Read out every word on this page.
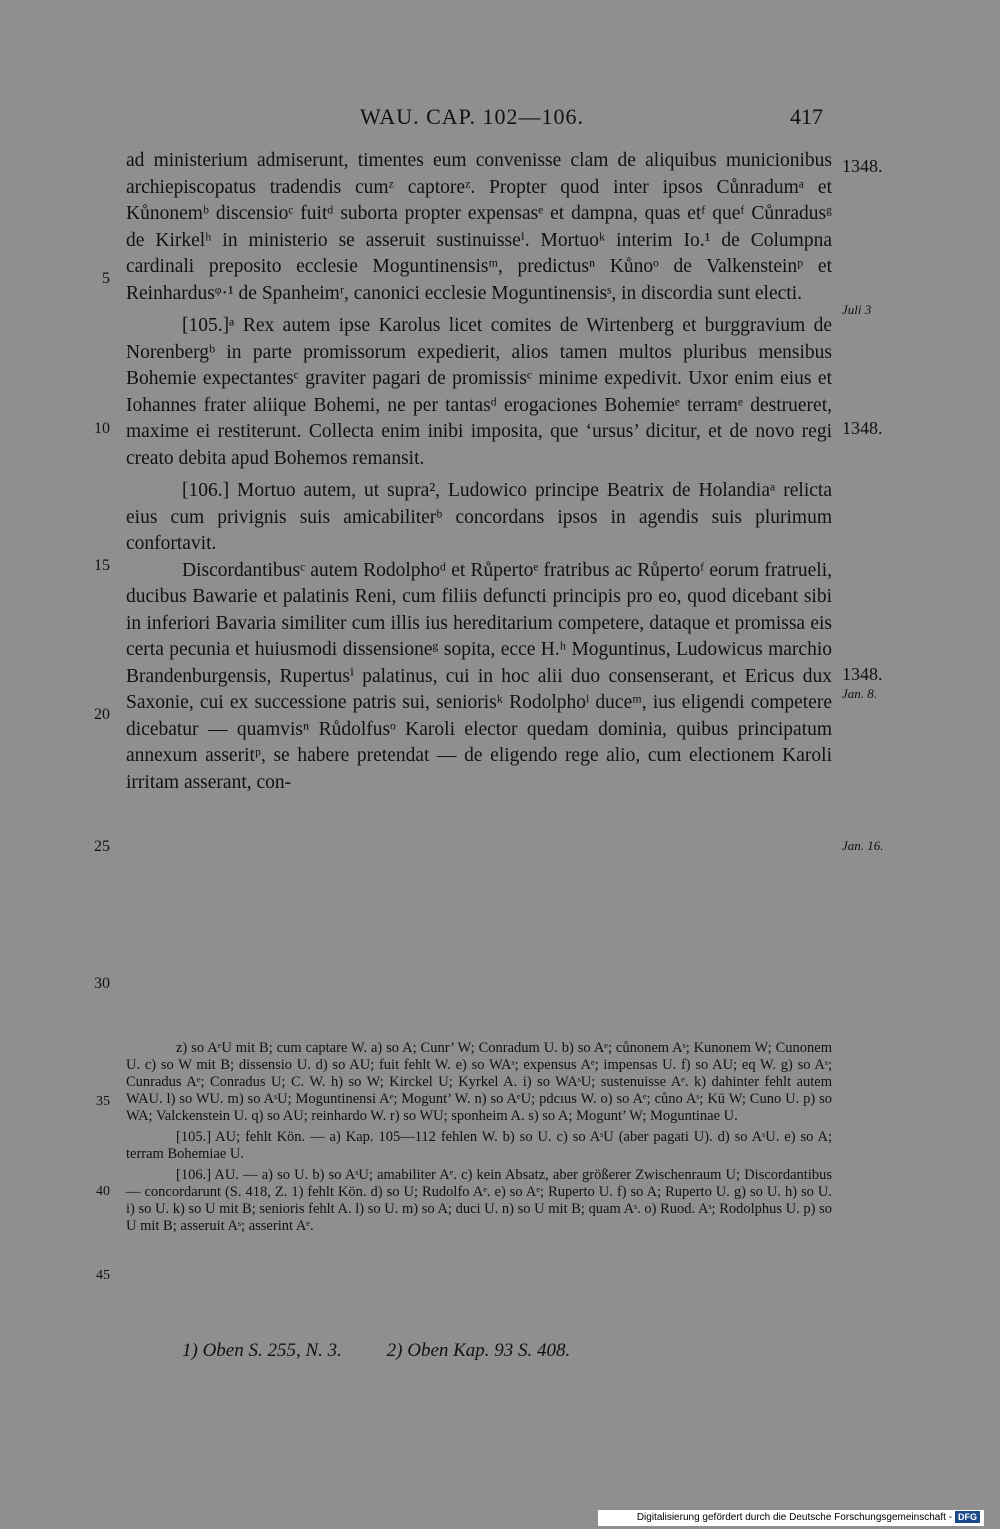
WAU. CAP. 102—106.	417

ad ministerium admiserunt, timentes eum convenisse clam de aliquibus municionibus archiepiscopatus tradendis cumᶻ captoreᶻ. Propter quod inter ipsos Cůnradumᵃ et Kůnonemᵇ discensioᶜ fuitᵈ suborta propter expensasᵉ et dampna, quas etᶠ queᶠ Cůnradusᵍ de Kirkelʰ in ministerio se asseruit sustinuisseⁱ. Mortuoᵏ interim Io.¹ de Columpna cardinali preposito ecclesie Moguntinensisᵐ, predictusⁿ Kůnoᵒ de Valkensteinᵖ et Reinhardusᵠ·¹ de Spanheimʳ, canonici ecclesie Moguntinensisˢ, in discordia sunt electi.

[105.]ᵃ Rex autem ipse Karolus licet comites de Wirtenberg et burggravium de Norenbergᵇ in parte promissorum expedierit, alios tamen multos pluribus mensibus Bohemie expectantesᶜ graviter pagari de promissisᶜ minime expedivit. Uxor enim eius et Iohannes frater aliique Bohemi, ne per tantasᵈ erogaciones Bohemieᵉ terramᵉ destrueret, maxime ei restiterunt. Collecta enim inibi imposita, que ‘ursus’ dicitur, et de novo regi creato debita apud Bohemos remansit.

[106.] Mortuo autem, ut supra², Ludowico principe Beatrix de Holandiaᵃ relicta eius cum privignis suis amicabiliterᵇ concordans ipsos in agendis suis plurimum confortavit.

Discordantibusᶜ autem Rodolphoᵈ et Růpertoᵉ fratribus ac Růpertoᶠ eorum fratrueli, ducibus Bawarie et palatinis Reni, cum filiis defuncti principis pro eo, quod dicebant sibi in inferiori Bavaria similiter cum illis ius hereditarium competere, dataque et promissa eis certa pecunia et huiusmodi dissensioneᵍ sopita, ecce H.ʰ Moguntinus, Ludowicus marchio Brandenburgensis, Rupertusⁱ palatinus, cui in hoc alii duo consenserant, et Ericus dux Saxonie, cui ex successione patris sui, seniorisᵏ Rodolphoˡ duceᵐ, ius eligendi competere dicebatur — quamvisⁿ Růdolfusᵒ Karoli elector quedam dominia, quibus principatum annexum asseritᵖ, se habere pretendat — de eligendo rege alio, cum electionem Karoli irritam asserant, con-

5
10
15
20
25
30
1348.
Juli 3
1348.
1348.
Jan. 8.
Jan. 16.

z) so AᵉU mit B; cum captare W. a) so A; Cunr’ W; Conradum U. b) so Aᵉ; cůnonem Aˢ; Kunonem W; Cunonem U. c) so W mit B; dissensio U. d) so AU; fuit fehlt W. e) so WAˢ; expensus Aᵉ; impensas U. f) so AU; eq W. g) so Aˢ; Cunradus Aᵉ; Conradus U; C. W. h) so W; Kirckel U; Kyrkel A. i) so WAˢU; sustenuisse Aᵉ. k) dahinter fehlt autem WAU. l) so WU. m) so AˢU; Moguntinensi Aᵉ; Mogunt’ W. n) so AᵉU; pdcıus W. o) so Aᵉ; cůno Aˢ; Kū W; Cuno U. p) so WA; Valckenstein U. q) so AU; reinhardo W. r) so WU; sponheim A. s) so A; Mogunt’ W; Moguntinae U.

[105.] AU; fehlt Kön. — a) Kap. 105—112 fehlen W. b) so U. c) so AˢU (aber pagati U). d) so AˢU. e) so A; terram Bohemiae U.

[106.] AU. — a) so U. b) so AˢU; amabiliter Aᵉ. c) kein Absatz, aber größerer Zwischenraum U; Discordantibus — concordarunt (S. 418, Z. 1) fehlt Kön. d) so U; Rudolfo Aᵉ. e) so Aᵉ; Ruperto U. f) so A; Ruperto U. g) so U. h) so U. i) so U. k) so U mit B; senioris fehlt A. l) so U. m) so A; duci U. n) so U mit B; quam Aˢ. o) Ruod. Aˢ; Rodolphus U. p) so U mit B; asseruit Aˢ; asserint Aᵉ.

35
40
45
1) Oben S. 255, N. 3. 2) Oben Kap. 93 S. 408.
Digitalisierung gefördert durch die Deutsche Forschungsgemeinschaft - DFG
